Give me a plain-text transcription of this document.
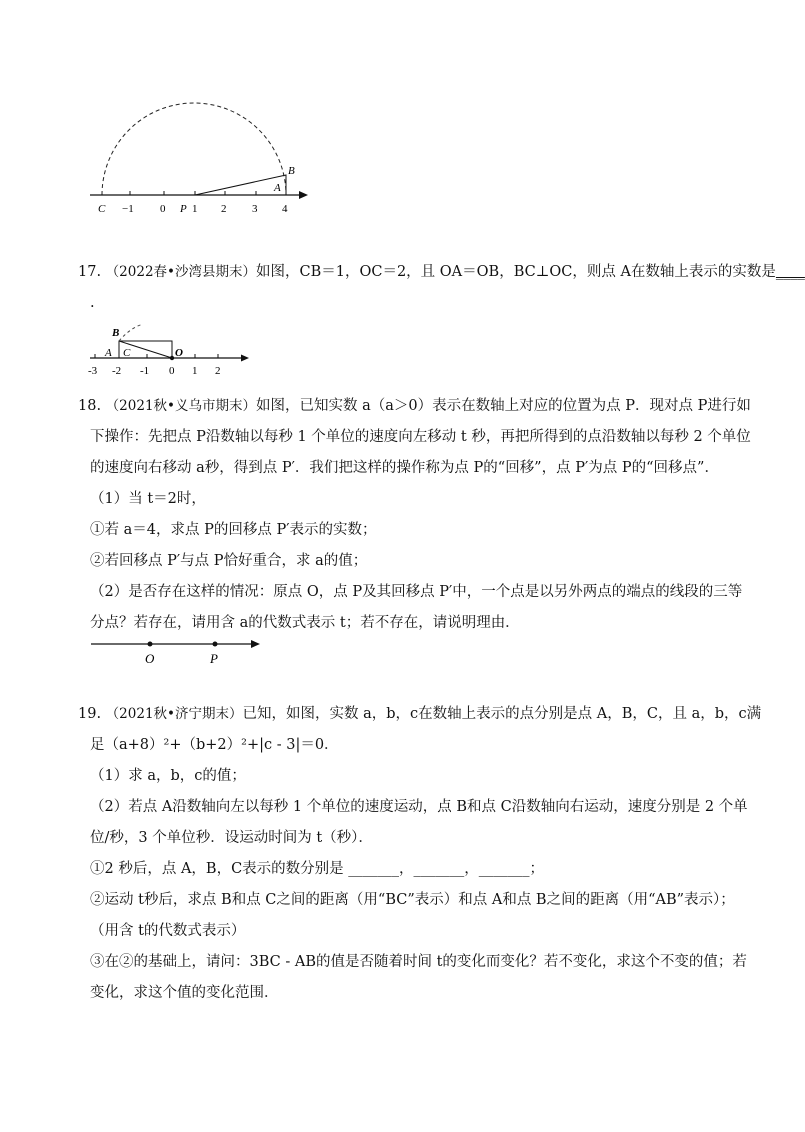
B
A
C −1 0 P 1 2 3 4
17. （2022春•沙湾县期末）如图，CB＝1，OC＝2，且 OA＝OB，BC⊥OC，则点 A在数轴上表示的实数是____
.
B
A C	O
-3 -2 -1 0 1 2
18. （2021秋•义乌市期末）如图，已知实数 a（a＞0）表示在数轴上对应的位置为点 P．现对点 P进行如
下操作：先把点 P沿数轴以每秒 1 个单位的速度向左移动 t 秒，再把所得到的点沿数轴以每秒 2 个单位
的速度向右移动 a秒，得到点 P′．我们把这样的操作称为点 P的“回移”，点 P′为点 P的“回移点”．
（1）当 t＝2时，
①若 a＝4，求点 P的回移点 P′表示的实数；
②若回移点 P′与点 P恰好重合，求 a的值；
（2）是否存在这样的情况：原点 O，点 P及其回移点 P′中，一个点是以另外两点的端点的线段的三等
分点？若存在，请用含 a的代数式表示 t；若不存在，请说明理由．
O	P
19. （2021秋•济宁期末）已知，如图，实数 a，b，c在数轴上表示的点分别是点 A，B，C，且 a，b，c满
足（a+8）²+（b+2）²+|c - 3|＝0．
（1）求 a，b，c的值；
（2）若点 A沿数轴向左以每秒 1 个单位的速度运动，点 B和点 C沿数轴向右运动，速度分别是 2 个单
位/秒，3 个单位秒．设运动时间为 t（秒）．
①2 秒后，点 A，B，C表示的数分别是 _______，_______，_______；
②运动 t秒后，求点 B和点 C之间的距离（用“BC”表示）和点 A和点 B之间的距离（用“AB”表示）；
（用含 t的代数式表示）
③在②的基础上，请问：3BC - AB的值是否随着时间 t的变化而变化？若不变化，求这个不变的值；若
变化，求这个值的变化范围．
